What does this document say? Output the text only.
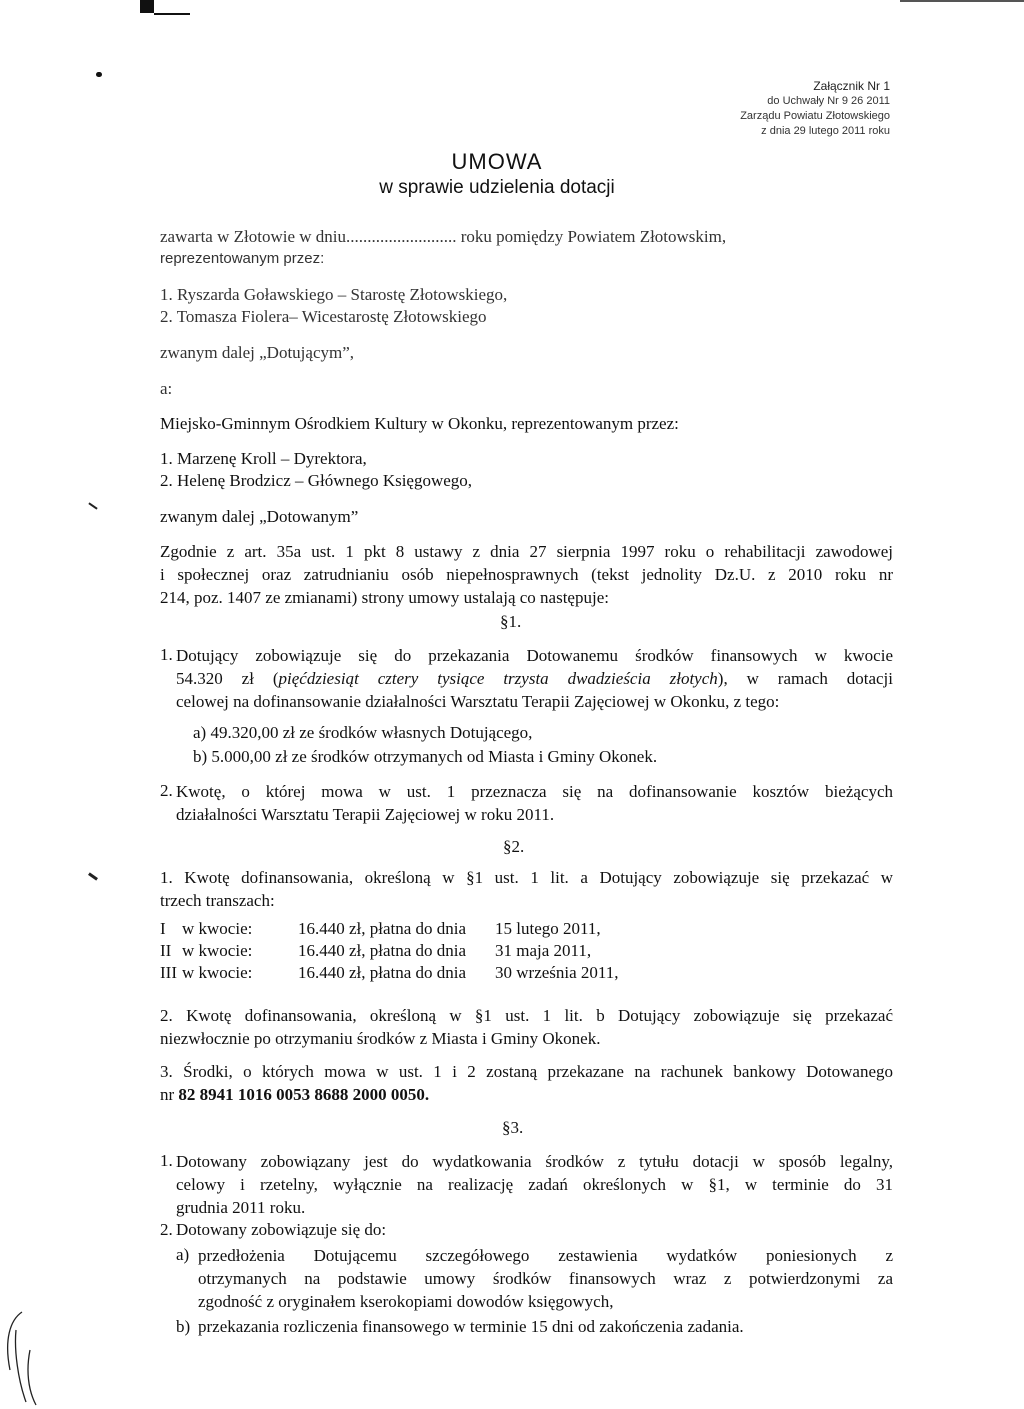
Załącznik Nr 1
do Uchwały Nr 9 26 2011
Zarządu Powiatu Złotowskiego
z dnia 29 lutego 2011 roku
UMOWA
w sprawie udzielenia dotacji
zawarta w Złotowie w dniu.......................... roku pomiędzy Powiatem Złotowskim,
reprezentowanym przez:
1. Ryszarda Goławskiego – Starostę Złotowskiego,
2. Tomasza Fiolera– Wicestarostę Złotowskiego
zwanym dalej „Dotującym”,
a:
Miejsko-Gminnym Ośrodkiem Kultury w Okonku, reprezentowanym przez:
1. Marzenę Kroll – Dyrektora,
2. Helenę Brodzicz – Głównego Księgowego,
zwanym dalej „Dotowanym”
Zgodnie z art. 35a ust. 1 pkt 8 ustawy z dnia 27 sierpnia 1997 roku o rehabilitacji zawodowej
i społecznej oraz zatrudnianiu osób niepełnosprawnych (tekst jednolity Dz.U. z 2010 roku nr
214, poz. 1407 ze zmianami) strony umowy ustalają co następuje:
§1.
1. Dotujący zobowiązuje się do przekazania Dotowanemu środków finansowych w kwocie
54.320 zł (pięćdziesiąt cztery tysiące trzysta dwadzieścia złotych), w ramach dotacji
celowej na dofinansowanie działalności Warsztatu Terapii Zajęciowej w Okonku, z tego:
a) 49.320,00 zł ze środków własnych Dotującego,
b) 5.000,00 zł ze środków otrzymanych od Miasta i Gminy Okonek.
2. Kwotę, o której mowa w ust. 1 przeznacza się na dofinansowanie kosztów bieżących
działalności Warsztatu Terapii Zajęciowej w roku 2011.
§2.
1. Kwotę dofinansowania, określoną w §1 ust. 1 lit. a Dotujący zobowiązuje się przekazać w
trzech transzach:
I w kwocie:	16.440 zł, płatna do dnia 15 lutego 2011,
II w kwocie:	16.440 zł, płatna do dnia 31 maja 2011,
III w kwocie:	16.440 zł, płatna do dnia 30 września 2011,
2. Kwotę dofinansowania, określoną w §1 ust. 1 lit. b Dotujący zobowiązuje się przekazać
niezwłocznie po otrzymaniu środków z Miasta i Gminy Okonek.
3. Środki, o których mowa w ust. 1 i 2 zostaną przekazane na rachunek bankowy Dotowanego
nr 82 8941 1016 0053 8688 2000 0050.
§3.
1. Dotowany zobowiązany jest do wydatkowania środków z tytułu dotacji w sposób legalny,
celowy i rzetelny, wyłącznie na realizację zadań określonych w §1, w terminie do 31
grudnia 2011 roku.
2. Dotowany zobowiązuje się do:
a) przedłożenia Dotującemu szczegółowego zestawienia wydatków poniesionych z
otrzymanych na podstawie umowy środków finansowych wraz z potwierdzonymi za
zgodność z oryginałem kserokopiami dowodów księgowych,
b) przekazania rozliczenia finansowego w terminie 15 dni od zakończenia zadania.
